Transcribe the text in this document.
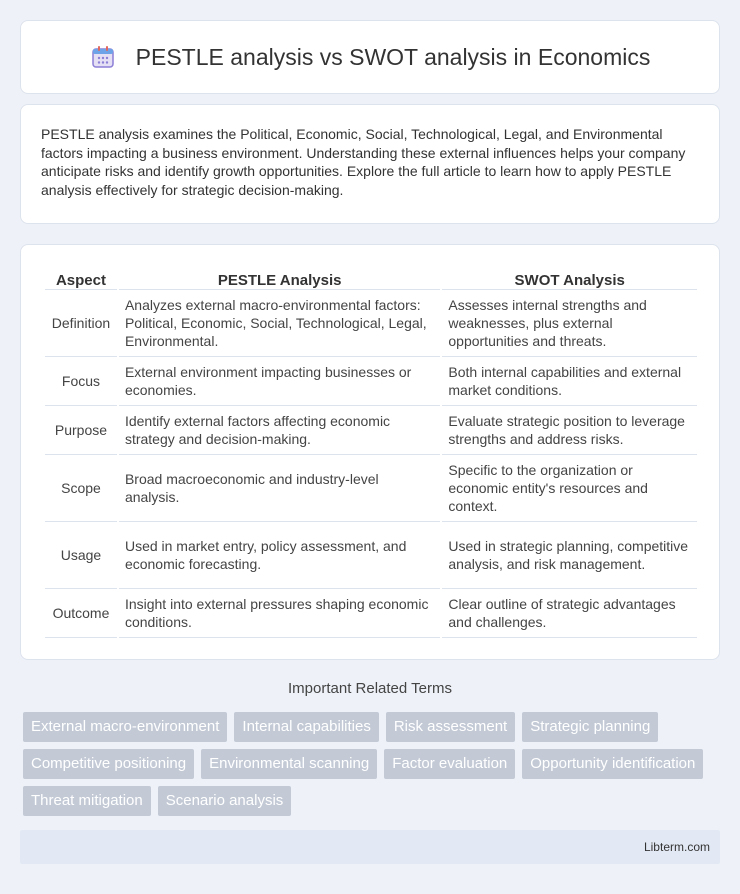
PESTLE analysis vs SWOT analysis in Economics

PESTLE analysis examines the Political, Economic, Social, Technological, Legal, and Environmental factors impacting a business environment. Understanding these external influences helps your company anticipate risks and identify growth opportunities. Explore the full article to learn how to apply PESTLE analysis effectively for strategic decision-making.

Aspect	PESTLE Analysis	SWOT Analysis
Definition	Analyzes external macro-environmental factors: Political, Economic, Social, Technological, Legal, Environmental.	Assesses internal strengths and weaknesses, plus external opportunities and threats.
Focus	External environment impacting businesses or economies.	Both internal capabilities and external market conditions.
Purpose	Identify external factors affecting economic strategy and decision-making.	Evaluate strategic position to leverage strengths and address risks.
Scope	Broad macroeconomic and industry-level analysis.	Specific to the organization or economic entity's resources and context.
Usage	Used in market entry, policy assessment, and economic forecasting.	Used in strategic planning, competitive analysis, and risk management.
Outcome	Insight into external pressures shaping economic conditions.	Clear outline of strategic advantages and challenges.
Important Related Terms
External macro-environment	Internal capabilities	Risk assessment	Strategic planning
Competitive positioning	Environmental scanning	Factor evaluation	Opportunity identification
Threat mitigation	Scenario analysis
Libterm.com
